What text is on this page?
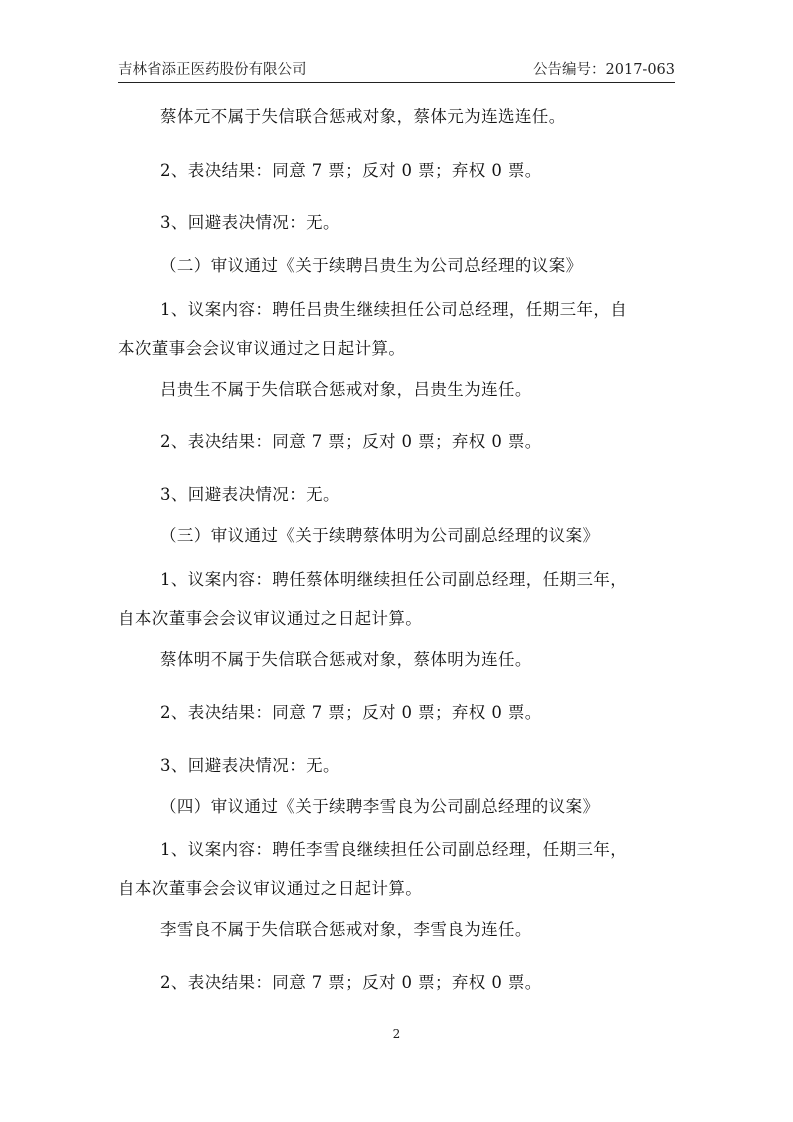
吉林省添正医药股份有限公司	公告编号：2017-063
蔡体元不属于失信联合惩戒对象，蔡体元为连选连任。
2、表决结果：同意 7 票；反对 0 票；弃权 0 票。
3、回避表决情况：无。
（二）审议通过《关于续聘吕贵生为公司总经理的议案》
1、议案内容：聘任吕贵生继续担任公司总经理，任期三年，自
本次董事会会议审议通过之日起计算。
吕贵生不属于失信联合惩戒对象，吕贵生为连任。
2、表决结果：同意 7 票；反对 0 票；弃权 0 票。
3、回避表决情况：无。
（三）审议通过《关于续聘蔡体明为公司副总经理的议案》
1、议案内容：聘任蔡体明继续担任公司副总经理，任期三年，
自本次董事会会议审议通过之日起计算。
蔡体明不属于失信联合惩戒对象，蔡体明为连任。
2、表决结果：同意 7 票；反对 0 票；弃权 0 票。
3、回避表决情况：无。
（四）审议通过《关于续聘李雪良为公司副总经理的议案》
1、议案内容：聘任李雪良继续担任公司副总经理，任期三年，
自本次董事会会议审议通过之日起计算。
李雪良不属于失信联合惩戒对象，李雪良为连任。
2、表决结果：同意 7 票；反对 0 票；弃权 0 票。
2
